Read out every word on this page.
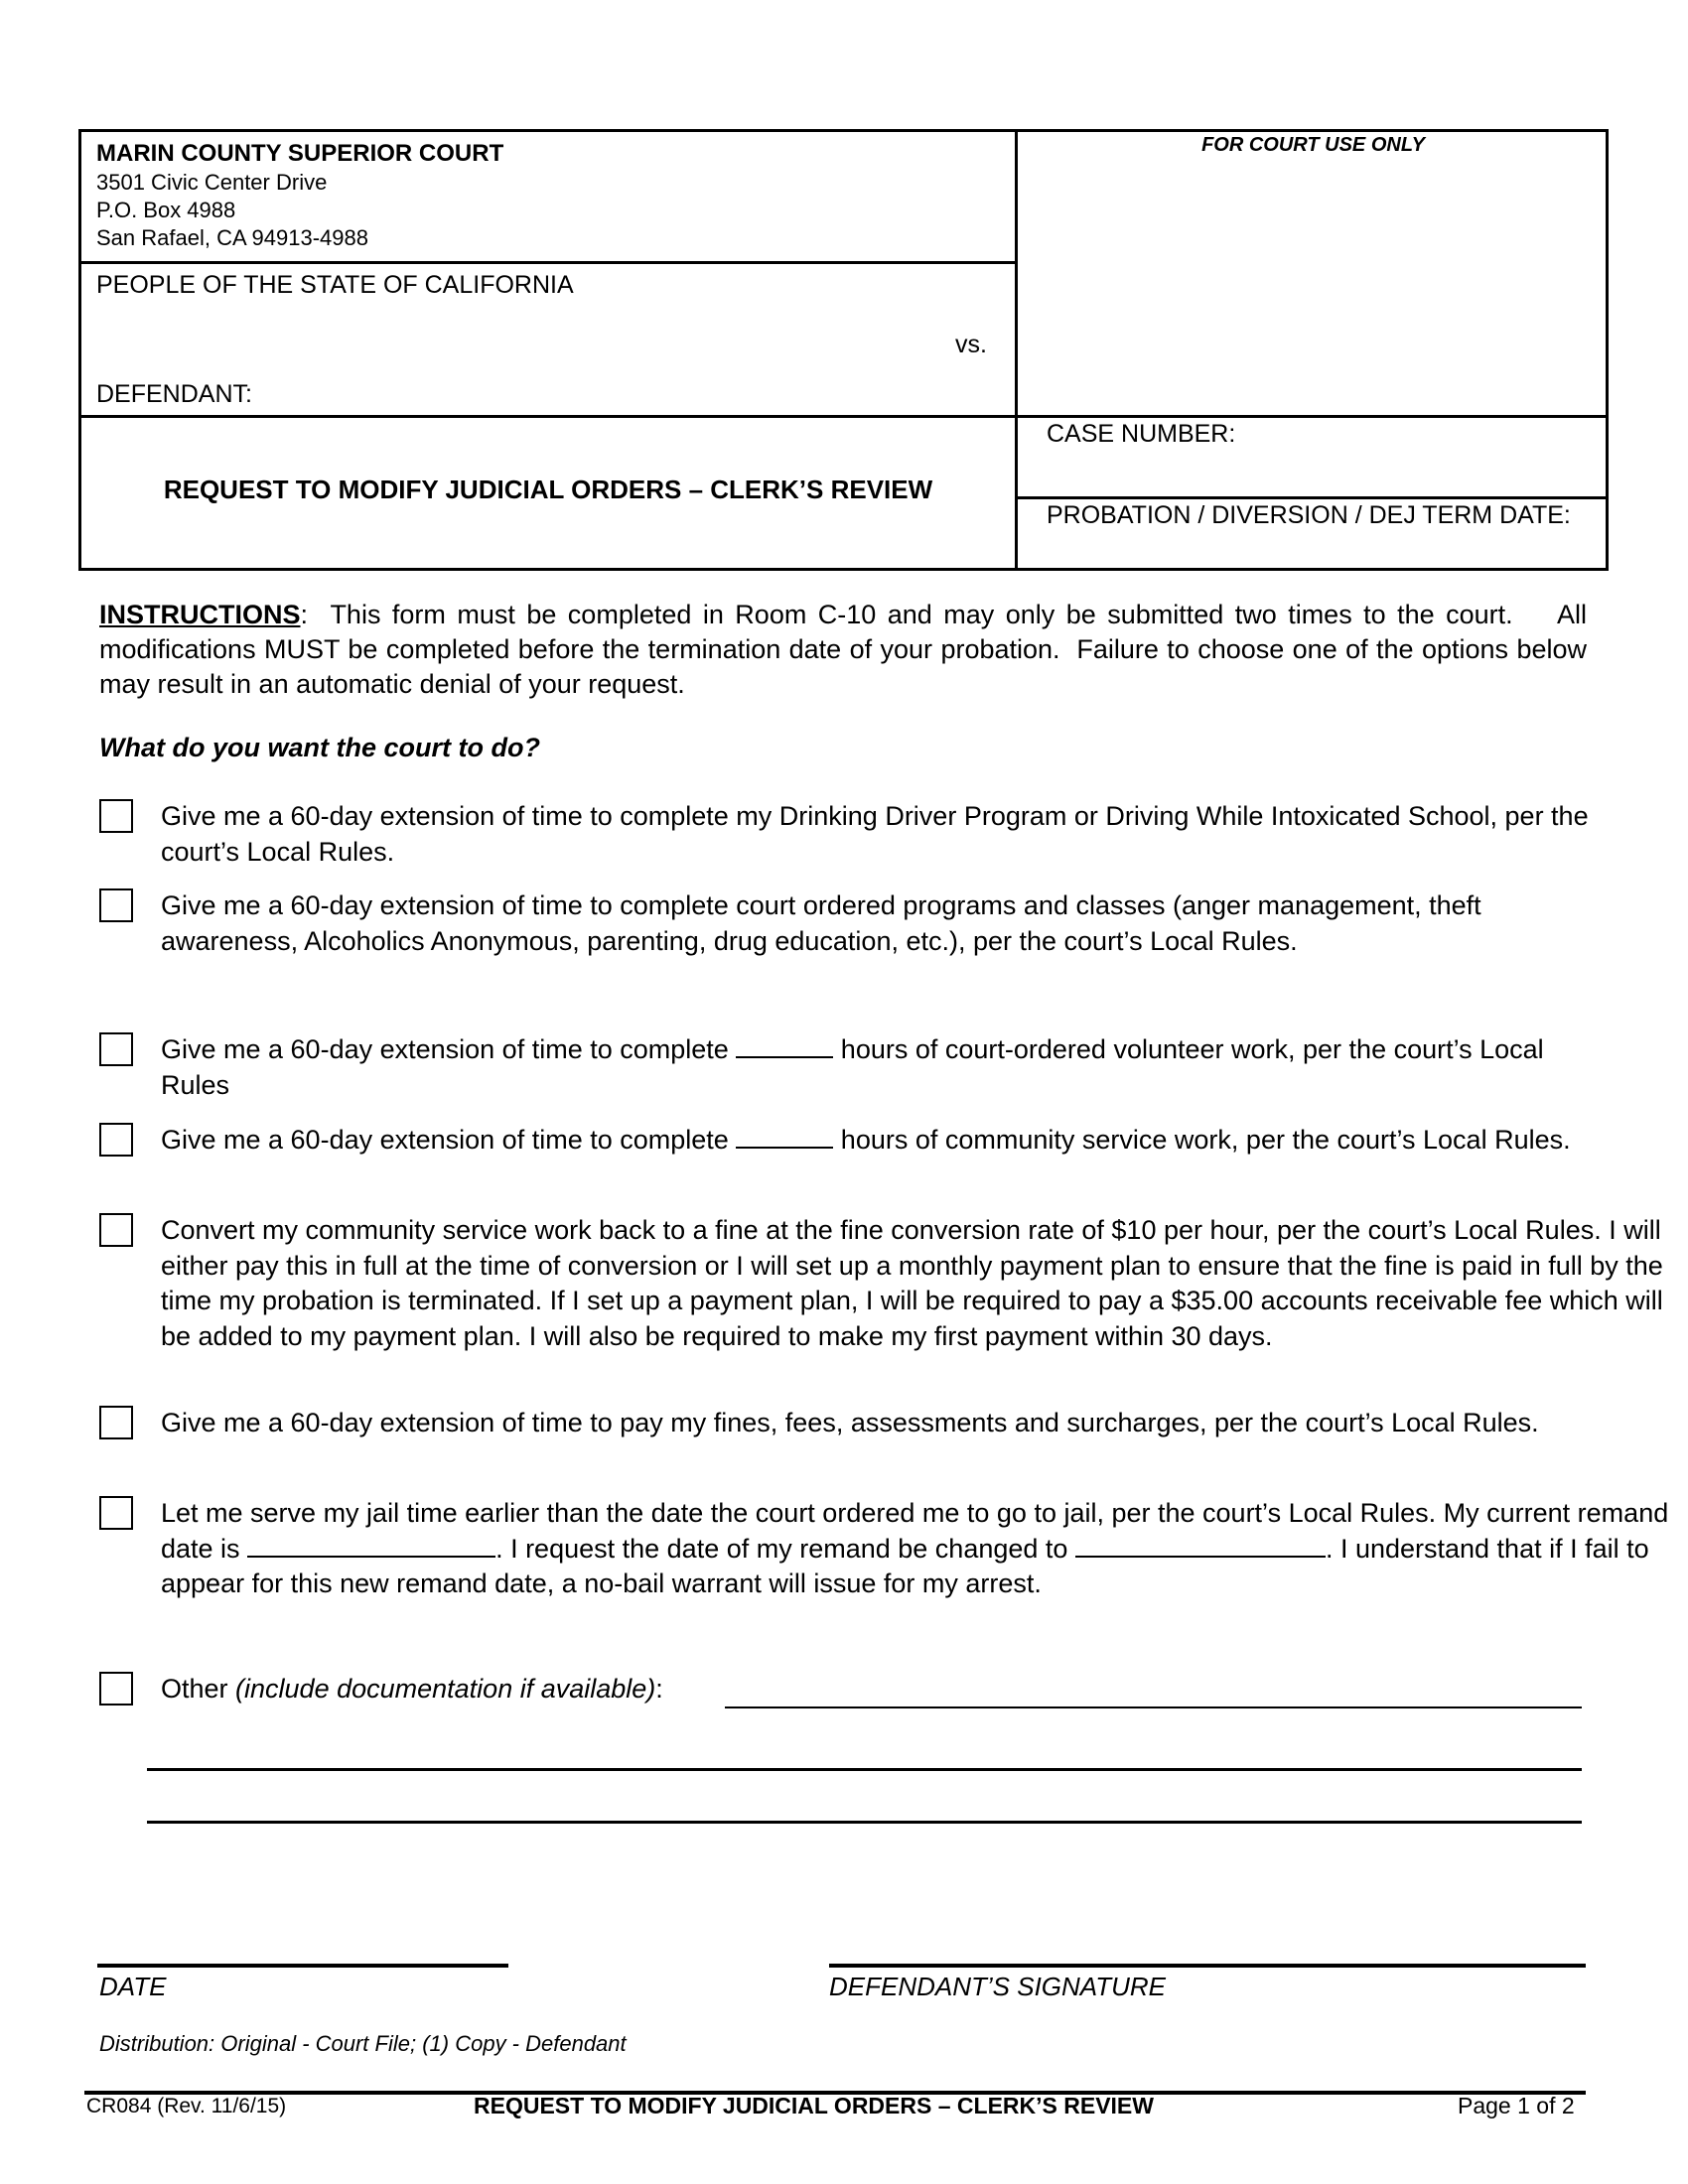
MARIN COUNTY SUPERIOR COURT
3501 Civic Center Drive
P.O. Box 4988
San Rafael, CA 94913-4988
PEOPLE OF THE STATE OF CALIFORNIA
vs.
DEFENDANT:
REQUEST TO MODIFY JUDICIAL ORDERS – CLERK’S REVIEW
FOR COURT USE ONLY
CASE NUMBER:
PROBATION / DIVERSION / DEJ TERM DATE:
INSTRUCTIONS:  This form must be completed in Room C-10 and may only be submitted two times to the court.    All modifications MUST be completed before the termination date of your probation.  Failure to choose one of the options below may result in an automatic denial of your request.
What do you want the court to do?
Give me a 60-day extension of time to complete my Drinking Driver Program or Driving While Intoxicated School, per the court’s Local Rules.
Give me a 60-day extension of time to complete court ordered programs and classes (anger management, theft awareness, Alcoholics Anonymous, parenting, drug education, etc.), per the court’s Local Rules.
Give me a 60-day extension of time to complete	hours of court-ordered volunteer work, per the court’s Local Rules
Give me a 60-day extension of time to complete	hours of community service work, per the court’s Local Rules.
Convert my community service work back to a fine at the fine conversion rate of $10 per hour, per the court’s Local Rules. I will either pay this in full at the time of conversion or I will set up a monthly payment plan to ensure that the fine is paid in full by the time my probation is terminated. If I set up a payment plan, I will be required to pay a $35.00 accounts receivable fee which will be added to my payment plan. I will also be required to make my first payment within 30 days.
Give me a 60-day extension of time to pay my fines, fees, assessments and surcharges, per the court’s Local Rules.
Let me serve my jail time earlier than the date the court ordered me to go to jail, per the court’s Local Rules. My current remand date is	. I request the date of my remand be changed to	. I understand that if I fail to appear for this new remand date, a no-bail warrant will issue for my arrest.
Other (include documentation if available):
DATE	DEFENDANT’S SIGNATURE
Distribution: Original - Court File; (1) Copy - Defendant
CR084 (Rev. 11/6/15)	REQUEST TO MODIFY JUDICIAL ORDERS – CLERK’S REVIEW	Page 1 of 2
